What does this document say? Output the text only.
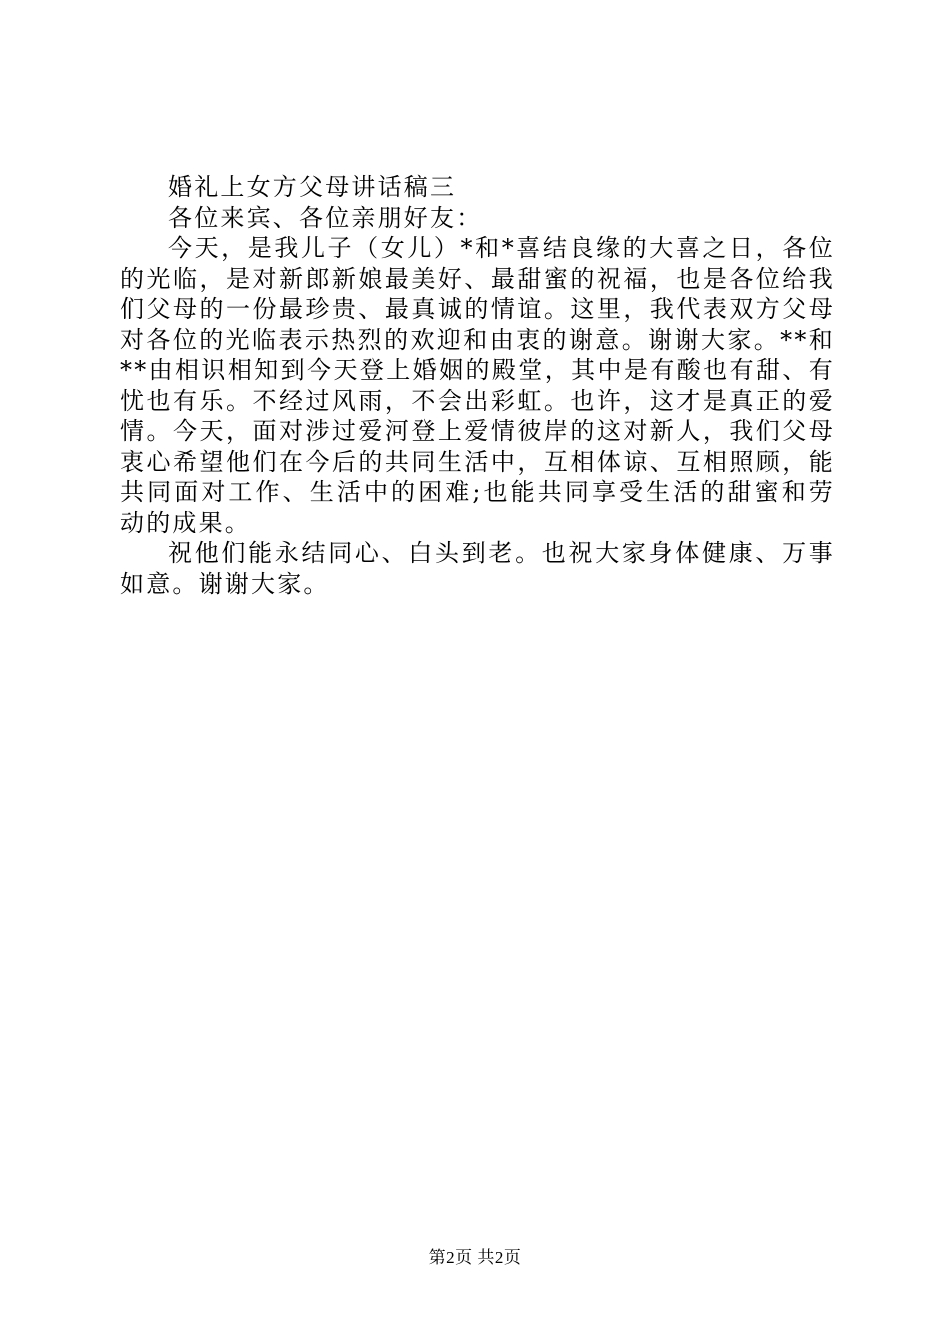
婚礼上女方父母讲话稿三

各位来宾、各位亲朋好友：

今天，是我儿子（女儿）*和*喜结良缘的大喜之日，各位的光临，是对新郎新娘最美好、最甜蜜的祝福，也是各位给我们父母的一份最珍贵、最真诚的情谊。这里，我代表双方父母对各位的光临表示热烈的欢迎和由衷的谢意。谢谢大家。**和**由相识相知到今天登上婚姻的殿堂，其中是有酸也有甜、有忧也有乐。不经过风雨，不会出彩虹。也许，这才是真正的爱情。今天，面对涉过爱河登上爱情彼岸的这对新人，我们父母衷心希望他们在今后的共同生活中，互相体谅、互相照顾，能共同面对工作、生活中的困难;也能共同享受生活的甜蜜和劳动的成果。

祝他们能永结同心、白头到老。也祝大家身体健康、万事如意。谢谢大家。

第2页 共2页
